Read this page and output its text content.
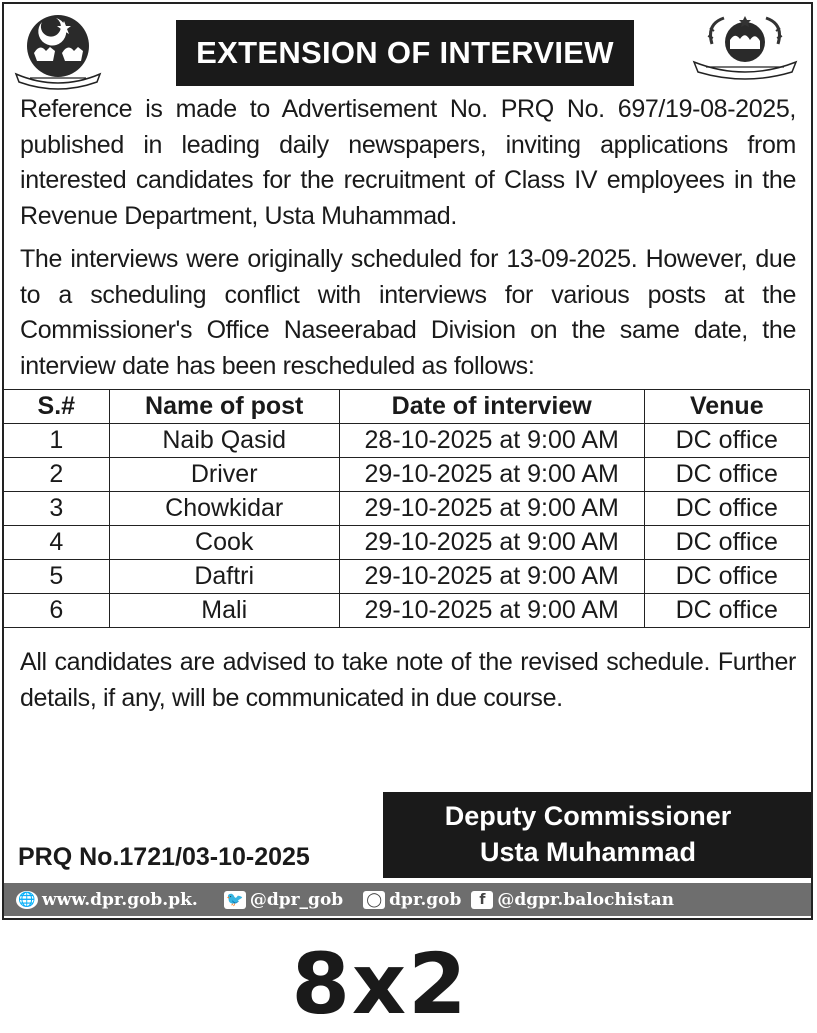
EXTENSION OF INTERVIEW

Reference is made to Advertisement No. PRQ No. 697/19-08-2025, published in leading daily newspapers, inviting applications from interested candidates for the recruitment of Class IV employees in the Revenue Department, Usta Muhammad.

The interviews were originally scheduled for 13-09-2025. However, due to a scheduling conflict with interviews for various posts at the Commissioner's Office Naseerabad Division on the same date, the interview date has been rescheduled as follows:

S.#	Name of post	Date of interview	Venue
1	Naib Qasid	28-10-2025 at 9:00 AM	DC office
2	Driver	29-10-2025 at 9:00 AM	DC office
3	Chowkidar	29-10-2025 at 9:00 AM	DC office
4	Cook	29-10-2025 at 9:00 AM	DC office
5	Daftri	29-10-2025 at 9:00 AM	DC office
6	Mali	29-10-2025 at 9:00 AM	DC office

All candidates are advised to take note of the revised schedule. Further details, if any, will be communicated in due course.

Deputy Commissioner
Usta Muhammad
PRQ No.1721/03-10-2025
🌐 www.dpr.gob.pk. 🐦 @dpr_gob ◯ dpr.gob	f @dgpr.balochistan
8x2
